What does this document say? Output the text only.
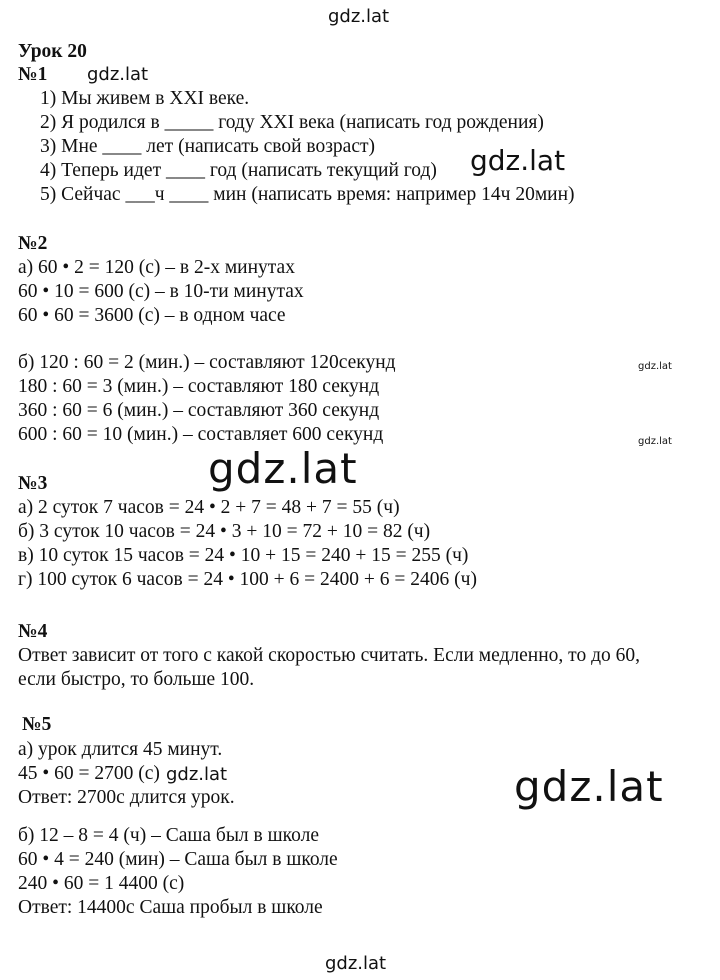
gdz.lat
gdz.lat
gdz.lat
gdz.lat
gdz.lat
gdz.lat
gdz.lat
gdz.lat
Урок 20
№1
1) Мы живем в XXI веке.
2) Я родился в _____ году XXI века (написать год рождения)
3) Мне ____ лет (написать свой возраст)
4) Теперь идет ____ год (написать текущий год)
5) Сейчас ___ч ____ мин (написать время: например 14ч 20мин)
№2
а) 60 • 2 = 120 (с) – в 2-х минутах
60 • 10 = 600 (с) – в 10-ти минутах
60 • 60 = 3600 (с) – в одном часе
б) 120 : 60 = 2 (мин.) – составляют 120секунд
180 : 60 = 3 (мин.) – составляют 180 секунд
360 : 60 = 6 (мин.) – составляют 360 секунд
600 : 60 = 10 (мин.) – составляет 600 секунд
№3
а) 2 суток 7 часов = 24 • 2 + 7 = 48 + 7 = 55 (ч)
б) 3 суток 10 часов = 24 • 3 + 10 = 72 + 10 = 82 (ч)
в) 10 суток 15 часов = 24 • 10 + 15 = 240 + 15 = 255 (ч)
г) 100 суток 6 часов = 24 • 100 + 6 = 2400 + 6 = 2406 (ч)
№4
Ответ зависит от того с какой скоростью считать. Если медленно, то до 60,
если быстро, то больше 100.
№5
а) урок длится 45 минут.
45 • 60 = 2700 (с)
Ответ: 2700с длится урок.
gdz.lat
б) 12 – 8 = 4 (ч) – Саша был в школе
60 • 4 = 240 (мин) – Саша был в школе
240 • 60 = 1 4400 (с)
Ответ: 14400с Саша пробыл в школе
